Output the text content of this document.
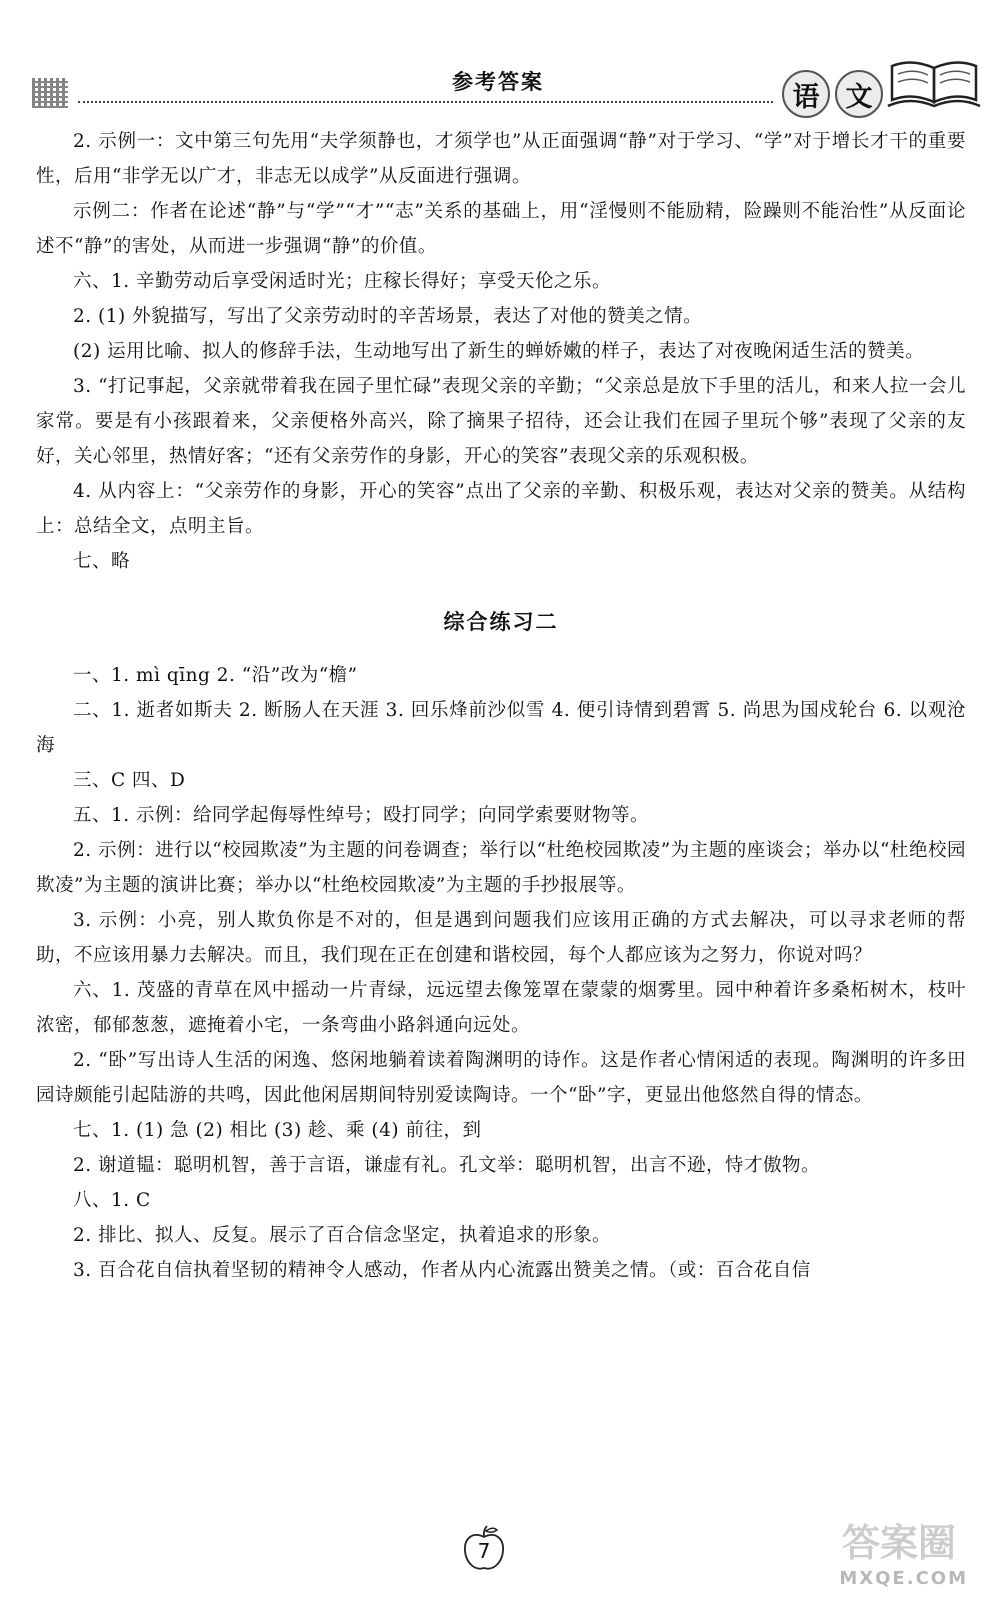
参考答案	语 文

2. 示例一：文中第三句先用“夫学须静也，才须学也”从正面强调“静”对于学习、“学”对于增长才干的重要性，后用“非学无以广才，非志无以成学”从反面进行强调。

示例二：作者在论述“静”与“学”“才”“志”关系的基础上，用“淫慢则不能励精，险躁则不能治性”从反面论述不“静”的害处，从而进一步强调“静”的价值。

六、1. 辛勤劳动后享受闲适时光；庄稼长得好；享受天伦之乐。

2. (1) 外貌描写，写出了父亲劳动时的辛苦场景，表达了对他的赞美之情。

(2) 运用比喻、拟人的修辞手法，生动地写出了新生的蝉娇嫩的样子，表达了对夜晚闲适生活的赞美。

3. “打记事起，父亲就带着我在园子里忙碌”表现父亲的辛勤；“父亲总是放下手里的活儿，和来人拉一会儿家常。要是有小孩跟着来，父亲便格外高兴，除了摘果子招待，还会让我们在园子里玩个够”表现了父亲的友好，关心邻里，热情好客；“还有父亲劳作的身影，开心的笑容”表现父亲的乐观积极。

4. 从内容上：“父亲劳作的身影，开心的笑容”点出了父亲的辛勤、积极乐观，表达对父亲的赞美。从结构上：总结全文，点明主旨。

七、略

综合练习二

一、1. mì qīng 2. “沿”改为“檐”

二、1. 逝者如斯夫 2. 断肠人在天涯 3. 回乐烽前沙似雪 4. 便引诗情到碧霄 5. 尚思为国戍轮台 6. 以观沧海

三、C 四、D

五、1. 示例：给同学起侮辱性绰号；殴打同学；向同学索要财物等。

2. 示例：进行以“校园欺凌”为主题的问卷调查；举行以“杜绝校园欺凌”为主题的座谈会；举办以“杜绝校园欺凌”为主题的演讲比赛；举办以“杜绝校园欺凌”为主题的手抄报展等。

3. 示例：小亮，别人欺负你是不对的，但是遇到问题我们应该用正确的方式去解决，可以寻求老师的帮助，不应该用暴力去解决。而且，我们现在正在创建和谐校园，每个人都应该为之努力，你说对吗？

六、1. 茂盛的青草在风中摇动一片青绿，远远望去像笼罩在蒙蒙的烟雾里。园中种着许多桑柘树木，枝叶浓密，郁郁葱葱，遮掩着小宅，一条弯曲小路斜通向远处。

2. “卧”写出诗人生活的闲逸、悠闲地躺着读着陶渊明的诗作。这是作者心情闲适的表现。陶渊明的许多田园诗颇能引起陆游的共鸣，因此他闲居期间特别爱读陶诗。一个“卧”字，更显出他悠然自得的情态。

七、1. (1) 急 (2) 相比 (3) 趁、乘 (4) 前往，到

2. 谢道韫：聪明机智，善于言语，谦虚有礼。孔文举：聪明机智，出言不逊，恃才傲物。

八、1. C

2. 排比、拟人、反复。展示了百合信念坚定，执着追求的形象。

3. 百合花自信执着坚韧的精神令人感动，作者从内心流露出赞美之情。（或：百合花自信

7	答案圈
MXQE.COM
